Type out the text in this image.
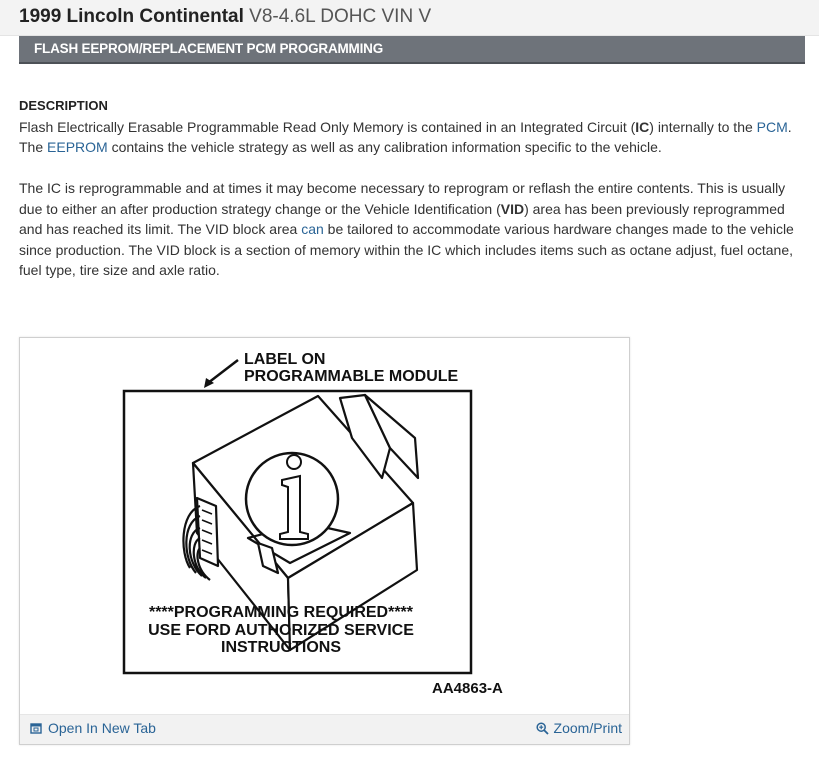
1999 Lincoln Continental V8-4.6L DOHC VIN V
FLASH EEPROM/REPLACEMENT PCM PROGRAMMING
DESCRIPTION

Flash Electrically Erasable Programmable Read Only Memory is contained in an Integrated Circuit (IC) internally to the PCM. The EEPROM contains the vehicle strategy as well as any calibration information specific to the vehicle.

The IC is reprogrammable and at times it may become necessary to reprogram or reflash the entire contents. This is usually due to either an after production strategy change or the Vehicle Identification (VID) area has been previously reprogrammed and has reached its limit. The VID block area can be tailored to accommodate various hardware changes made to the vehicle since production. The VID block is a section of memory within the IC which includes items such as octane adjust, fuel octane, fuel type, tire size and axle ratio.

LABEL ON
PROGRAMMABLE MODULE
****PROGRAMMING REQUIRED****
USE FORD AUTHORIZED SERVICE
INSTRUCTIONS
AA4863-A
Open In New Tab	Zoom/Print
